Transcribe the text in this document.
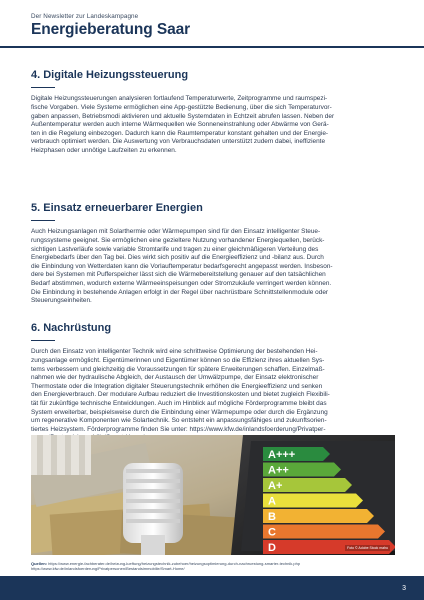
Der Newsletter zur Landeskampagne
Energieberatung Saar
4. Digitale Heizungssteuerung

Digitale Heizungssteuerungen analysieren fortlaufend Temperaturwerte, Zeitprogramme und raumspezi-
fische Vorgaben. Viele Systeme ermöglichen eine App-gestützte Bedienung, über die sich Temperaturvor-
gaben anpassen, Betriebsmodi aktivieren und aktuelle Systemdaten in Echtzeit abrufen lassen. Neben der
Außentemperatur werden auch interne Wärmequellen wie Sonneneinstrahlung oder Abwärme von Gerä-
ten in die Regelung einbezogen. Dadurch kann die Raumtemperatur konstant gehalten und der Energie-
verbrauch optimiert werden. Die Auswertung von Verbrauchsdaten unterstützt zudem dabei, ineffiziente
Heizphasen oder unnötige Laufzeiten zu erkennen.

5. Einsatz erneuerbarer Energien

Auch Heizungsanlagen mit Solarthermie oder Wärmepumpen sind für den Einsatz intelligenter Steue-
rungssysteme geeignet. Sie ermöglichen eine gezieltere Nutzung vorhandener Energiequellen, berück-
sichtigen Lastverläufe sowie variable Stromtarife und tragen zu einer gleichmäßigeren Verteilung des
Energiebedarfs über den Tag bei. Dies wirkt sich positiv auf die Energieeffizienz und -bilanz aus. Durch
die Einbindung von Wetterdaten kann die Vorlauftemperatur bedarfsgerecht angepasst werden. Insbeson-
dere bei Systemen mit Pufferspeicher lässt sich die Wärmebereitstellung genauer auf den tatsächlichen
Bedarf abstimmen, wodurch externe Wärmeeinspeisungen oder Stromzukäufe verringert werden können.
Die Einbindung in bestehende Anlagen erfolgt in der Regel über nachrüstbare Schnittstellenmodule oder
Steuerungseinheiten.

6. Nachrüstung

Durch den Einsatz von intelligenter Technik wird eine schrittweise Optimierung der bestehenden Hei-
zungsanlage ermöglicht. Eigentümerinnen und Eigentümer können so die Effizienz ihres aktuellen Sys-
tems verbessern und gleichzeitig die Voraussetzungen für spätere Erweiterungen schaffen. Einzelmaß-
nahmen wie der hydraulische Abgleich, der Austausch der Umwälzpumpe, der Einsatz elektronischer
Thermostate oder die Integration digitaler Steuerungstechnik erhöhen die Energieeffizienz und senken
den Energieverbrauch. Der modulare Aufbau reduziert die Investitionskosten und bietet zugleich Flexibili-
tät für zukünftige technische Entwicklungen. Auch im Hinblick auf mögliche Förderprogramme bleibt das
System erweiterbar, beispielsweise durch die Einbindung einer Wärmepumpe oder durch die Ergänzung
um regenerative Komponenten wie Solartechnik. So entsteht ein anpassungsfähiges und zukunftsorien-
tiertes Heizsystem. Förderprogramme finden Sie unter: https://www.kfw.de/inlandsfoerderung/Privatper-

A+++
A++
A+
A
B
C
D	Foto © Adobe Stock mahu
Quellen: https://www.energie-fachberater.de/heizung-lueftung/heizungstechnik-zubehoer/heizungsoptimierung-durch-nachruestung-smarter-technik.php
https://www.kfw.de/inlandsfoerderung/Privatpersonen/Bestandsimmobilie/Smart-Home/
3
